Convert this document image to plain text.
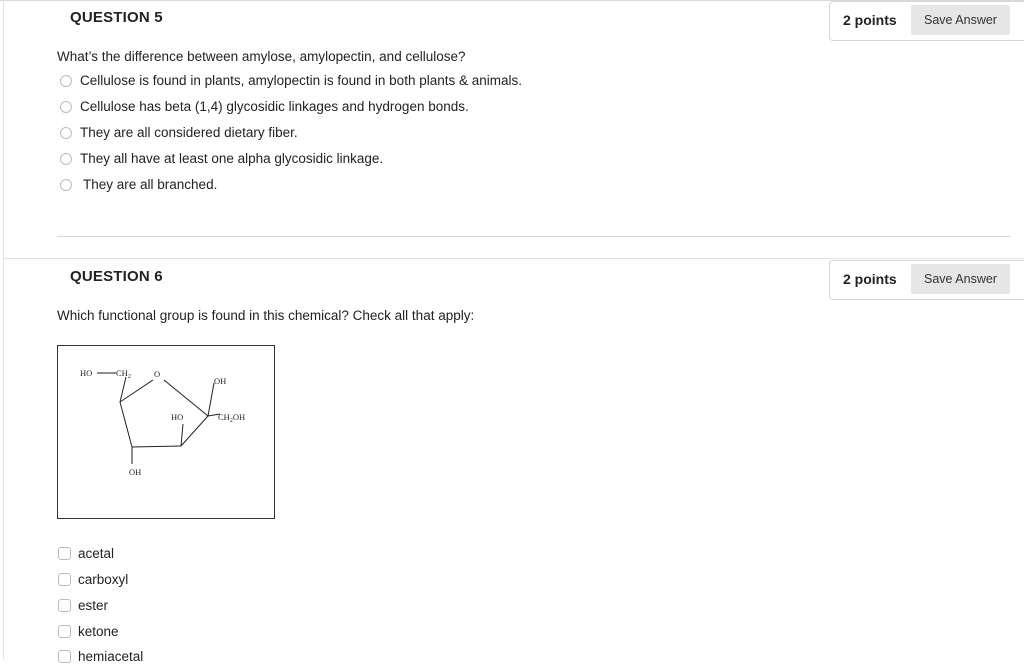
QUESTION 5	2 points	Save Answer
What’s the difference between amylose, amylopectin, and cellulose?
Cellulose is found in plants, amylopectin is found in both plants & animals.
Cellulose has beta (1,4) glycosidic linkages and hydrogen bonds.
They are all considered dietary fiber.
They all have at least one alpha glycosidic linkage.
They are all branched.
QUESTION 6	2 points	Save Answer
Which functional group is found in this chemical? Check all that apply:
HO	$CH_2$	O
OH
HO	$CH_2OH$
OH
acetal
carboxyl
ester
ketone
hemiacetal
